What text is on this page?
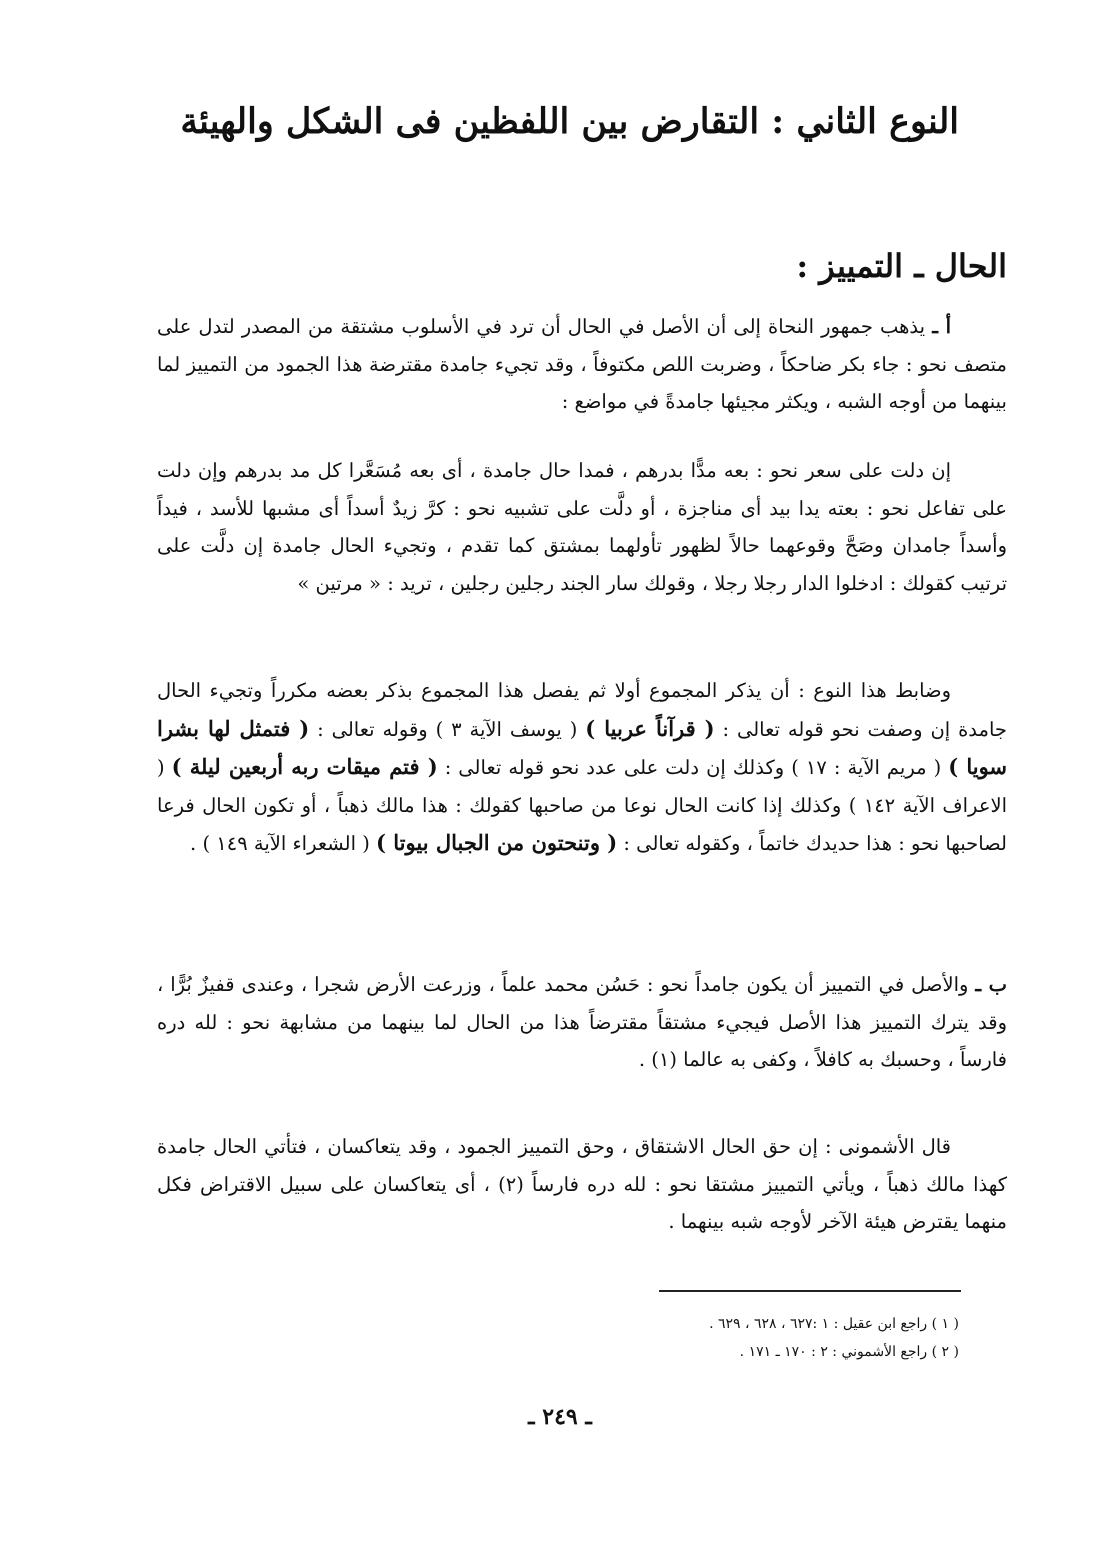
النوع الثاني : التقارض بين اللفظين فى الشكل والهيئة
الحال ـ التمييز :

أ ـ يذهب جمهور النحاة إلى أن الأصل في الحال أن ترد في الأسلوب مشتقة من المصدر لتدل على متصف نحو : جاء بكر ضاحكاً ، وضربت اللص مكتوفاً ، وقد تجيء جامدة مقترضة هذا الجمود من التمييز لما بينهما من أوجه الشبه ، ويكثر مجيئها جامدةً في مواضع :

إن دلت على سعر نحو : بعه مدًّا بدرهم ، فمدا حال جامدة ، أى بعه مُسَعَّرا كل مد بدرهم وإن دلت على تفاعل نحو : بعته يدا بيد أى مناجزة ، أو دلَّت على تشبيه نحو : كرَّ زيدٌ أسداً أى مشبها للأسد ، فيداً وأسداً جامدان وصَحَّ وقوعهما حالاً لظهور تأولهما بمشتق كما تقدم ، وتجيء الحال جامدة إن دلَّت على ترتيب كقولك : ادخلوا الدار رجلا رجلا ، وقولك سار الجند رجلين رجلين ، تريد : « مرتين »

وضابط هذا النوع : أن يذكر المجموع أولا ثم يفصل هذا المجموع بذكر بعضه مكرراً وتجيء الحال جامدة إن وصفت نحو قوله تعالى : ( قرآناً عربيا ) ( يوسف الآية ٣ ) وقوله تعالى : ( فتمثل لها بشرا سويا ) ( مريم الآية : ١٧ ) وكذلك إن دلت على عدد نحو قوله تعالى : ( فتم ميقات ربه أربعين ليلة ) ( الاعراف الآية ١٤٢ ) وكذلك إذا كانت الحال نوعا من صاحبها كقولك : هذا مالك ذهباً ، أو تكون الحال فرعا لصاحبها نحو : هذا حديدك خاتماً ، وكقوله تعالى : ( وتنحتون من الجبال بيوتا ) ( الشعراء الآية ١٤٩ ) .

ب ـ والأصل في التمييز أن يكون جامداً نحو : حَسُن محمد علماً ، وزرعت الأرض شجرا ، وعندى قفيزٌ بُرًّا ، وقد يترك التمييز هذا الأصل فيجيء مشتقاً مقترضاً هذا من الحال لما بينهما من مشابهة نحو : لله دره فارساً ، وحسبك به كافلاً ، وكفى به عالما (١) .

قال الأشمونى : إن حق الحال الاشتقاق ، وحق التمييز الجمود ، وقد يتعاكسان ، فتأتي الحال جامدة كهذا مالك ذهباً ، ويأتي التمييز مشتقا نحو : لله دره فارساً (٢) ، أى يتعاكسان على سبيل الاقتراض فكل منهما يقترض هيئة الآخر لأوجه شبه بينهما .

( ١ ) راجع ابن عقيل : ١ :٦٢٧ ، ٦٢٨ ، ٦٢٩ .

( ٢ ) راجع الأشموني : ٢ : ١٧٠ ـ ١٧١ .

ـ ٢٤٩ ـ
